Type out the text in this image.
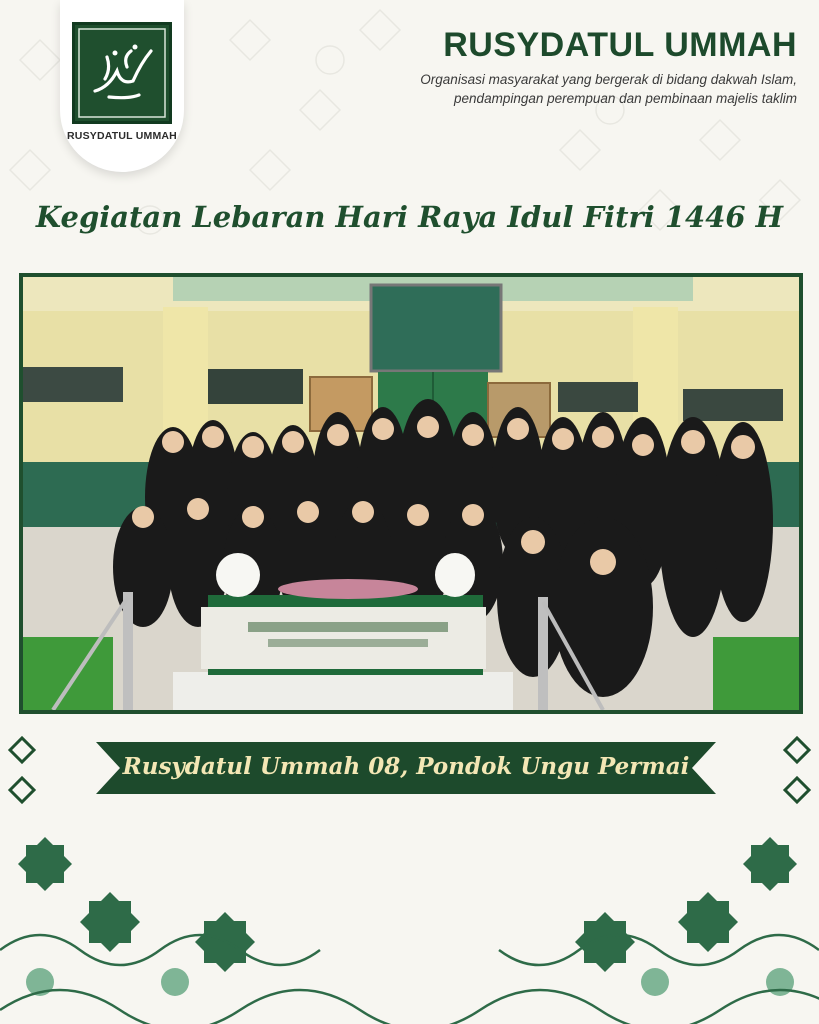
RUSYDATUL UMMAH
RUSYDATUL UMMAH
Organisasi masyarakat yang bergerak di bidang dakwah Islam,
pendampingan perempuan dan pembinaan majelis taklim
Kegiatan Lebaran Hari Raya Idul Fitri 1446 H
Rusydatul Ummah 08, Pondok Ungu Permai
